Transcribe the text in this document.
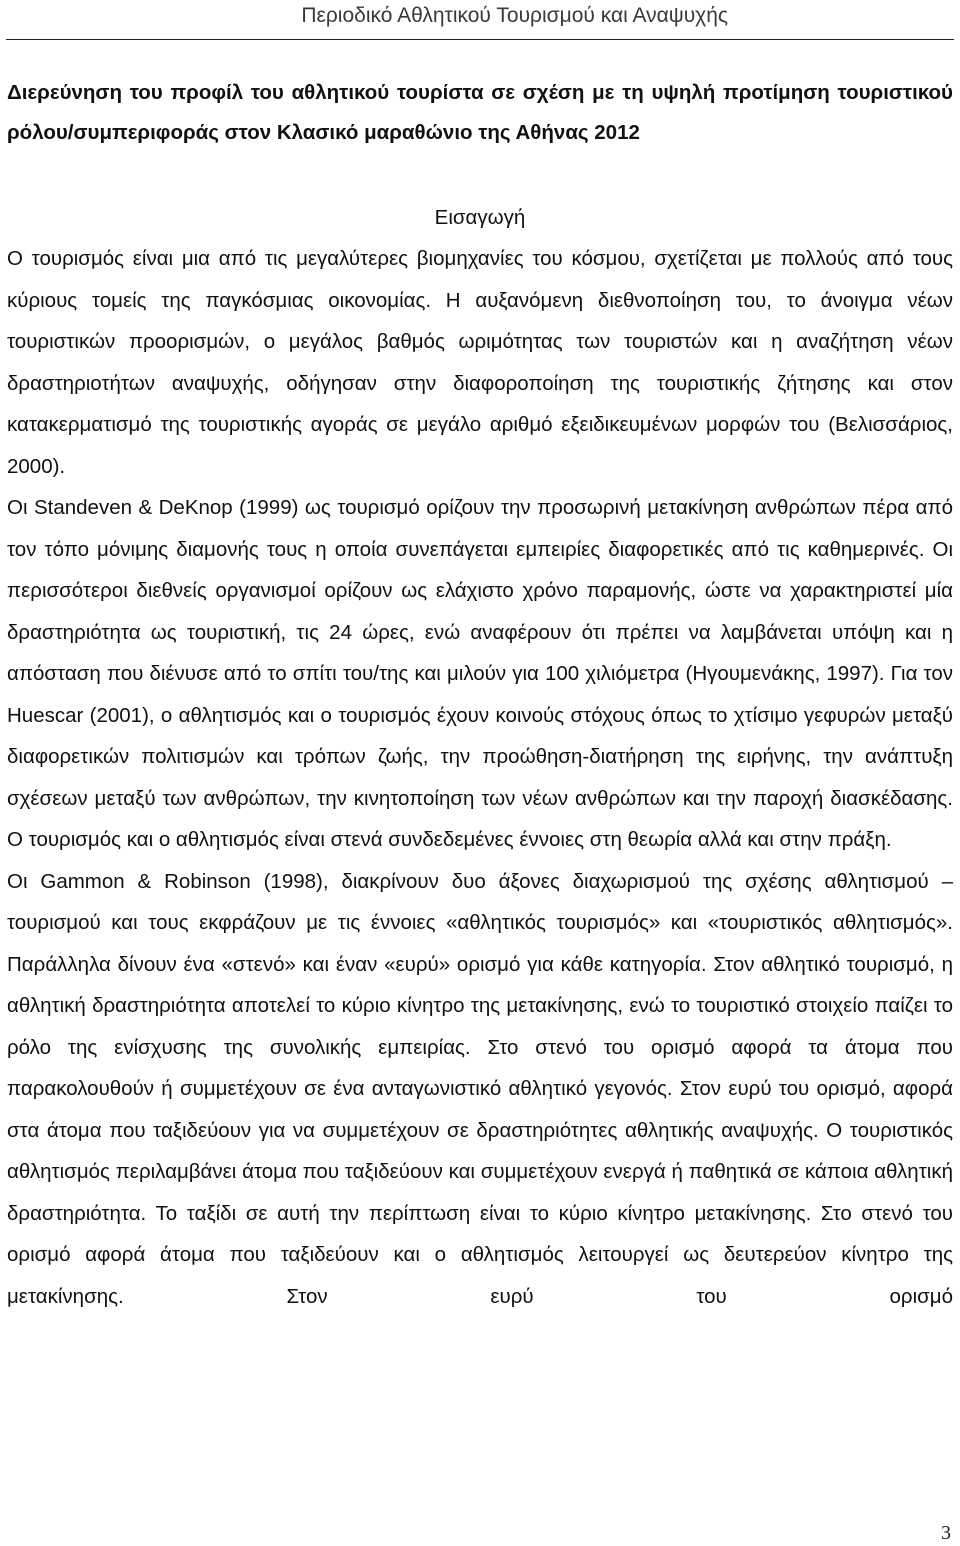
Περιοδικό Αθλητικού Τουρισμού και Αναψυχής
Διερεύνηση του προφίλ του αθλητικού τουρίστα σε σχέση με τη υψηλή προτίμηση τουριστικού ρόλου/συμπεριφοράς στον Κλασικό μαραθώνιο της Αθήνας 2012
Εισαγωγή

Ο τουρισμός είναι μια από τις μεγαλύτερες βιομηχανίες του κόσμου, σχετίζεται με πολλούς από τους κύριους τομείς της παγκόσμιας οικονομίας. Η αυξανόμενη διεθνοποίηση του, το άνοιγμα νέων τουριστικών προορισμών, ο μεγάλος βαθμός ωριμότητας των τουριστών και η αναζήτηση νέων δραστηριοτήτων αναψυχής, οδήγησαν στην διαφοροποίηση της τουριστικής ζήτησης και στον κατακερματισμό της τουριστικής αγοράς σε μεγάλο αριθμό εξειδικευμένων μορφών του (Βελισσάριος, 2000).

Οι Standeven & DeKnop (1999) ως τουρισμό ορίζουν την προσωρινή μετακίνηση ανθρώπων πέρα από τον τόπο μόνιμης διαμονής τους η οποία συνεπάγεται εμπειρίες διαφορετικές από τις καθημερινές. Οι περισσότεροι διεθνείς οργανισμοί ορίζουν ως ελάχιστο χρόνο παραμονής, ώστε να χαρακτηριστεί μία δραστηριότητα ως τουριστική, τις 24 ώρες, ενώ αναφέρουν ότι πρέπει να λαμβάνεται υπόψη και η απόσταση που διένυσε από το σπίτι του/της και μιλούν για 100 χιλιόμετρα (Ηγουμενάκης, 1997). Για τον Huescar (2001), ο αθλητισμός και ο τουρισμός έχουν κοινούς στόχους όπως το χτίσιμο γεφυρών μεταξύ διαφορετικών πολιτισμών και τρόπων ζωής, την προώθηση-διατήρηση της ειρήνης, την ανάπτυξη σχέσεων μεταξύ των ανθρώπων, την κινητοποίηση των νέων ανθρώπων και την παροχή διασκέδασης. Ο τουρισμός και ο αθλητισμός είναι στενά συνδεδεμένες έννοιες στη θεωρία αλλά και στην πράξη.

Οι Gammon & Robinson (1998), διακρίνουν δυο άξονες διαχωρισμού της σχέσης αθλητισμού – τουρισμού και τους εκφράζουν με τις έννοιες «αθλητικός τουρισμός» και «τουριστικός αθλητισμός». Παράλληλα δίνουν ένα «στενό» και έναν «ευρύ» ορισμό για κάθε κατηγορία. Στον αθλητικό τουρισμό, η αθλητική δραστηριότητα αποτελεί το κύριο κίνητρο της μετακίνησης, ενώ το τουριστικό στοιχείο παίζει το ρόλο της ενίσχυσης της συνολικής εμπειρίας. Στο στενό του ορισμό αφορά τα άτομα που παρακολουθούν ή συμμετέχουν σε ένα ανταγωνιστικό αθλητικό γεγονός. Στον ευρύ του ορισμό, αφορά στα άτομα που ταξιδεύουν για να συμμετέχουν σε δραστηριότητες αθλητικής αναψυχής. Ο τουριστικός αθλητισμός περιλαμβάνει άτομα που ταξιδεύουν και συμμετέχουν ενεργά ή παθητικά σε κάποια αθλητική δραστηριότητα. Το ταξίδι σε αυτή την περίπτωση είναι το κύριο κίνητρο μετακίνησης. Στο στενό του ορισμό αφορά άτομα που ταξιδεύουν και ο αθλητισμός λειτουργεί ως δευτερεύον κίνητρο της μετακίνησης. Στον ευρύ του ορισμό

3
